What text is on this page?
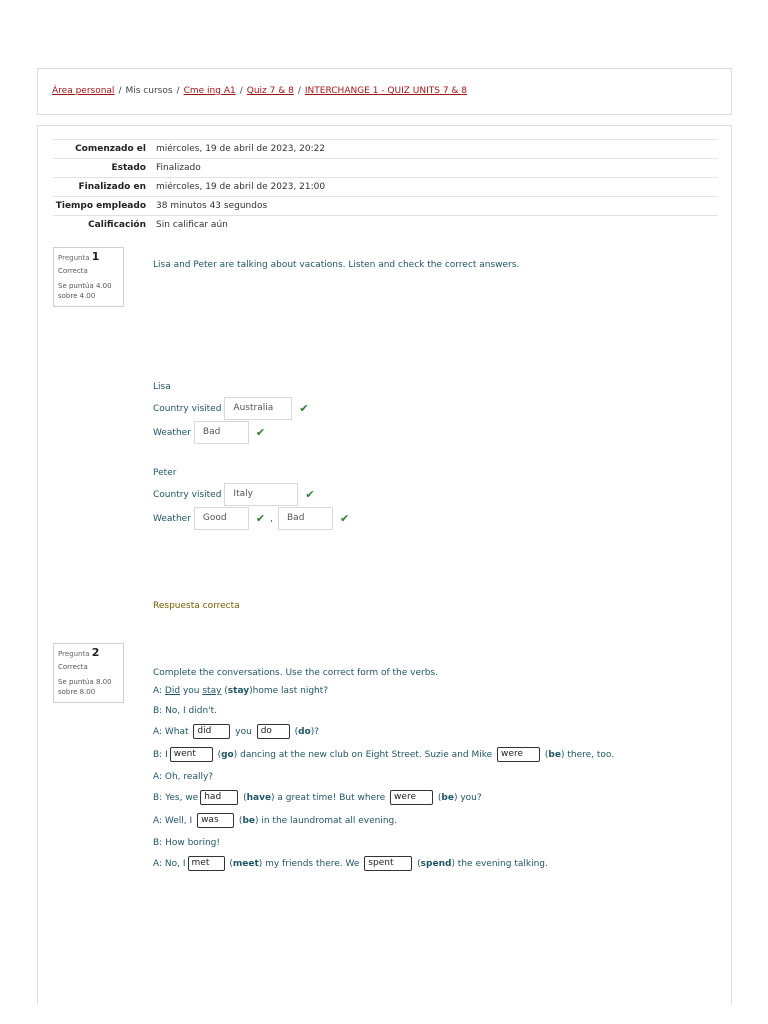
Área personal / Mis cursos / Cme ing A1 / Quiz 7 & 8 / INTERCHANGE 1 - QUIZ UNITS 7 & 8
Comenzado el	miércoles, 19 de abril de 2023, 20:22
Estado	Finalizado
Finalizado en	miércoles, 19 de abril de 2023, 21:00
Tiempo empleado	38 minutos 43 segundos
Calificación	Sin calificar aún
Pregunta 1
Correcta
Se puntúa 4.00 sobre 4.00
Lisa and Peter are talking about vacations. Listen and check the correct answers.
Lisa
Country visited	Australia	✔
Weather	Bad	✔
Peter
Country visited	Italy	✔
Weather	Good	✔ ,	Bad	✔
Respuesta correcta
Pregunta 2
Correcta
Se puntúa 8.00 sobre 8.00
Complete the conversations. Use the correct form of the verbs.
A:
Did
you
stay ( stay ) home last night?
B: No, I didn't.
A: What
did
	you
do	( do )?
B: I went	( go ) dancing at the new club on Eight Street. Suzie and Mike
were	( be ) there, too.
A: Oh, really?
B: Yes, we had	( have ) a great time! But where
were	( be ) you?
A: Well, I
was	( be ) in the laundromat all evening.
B: How boring!
A: No, I met	( meet ) my friends there. We
spent	( spend ) the evening talking.
